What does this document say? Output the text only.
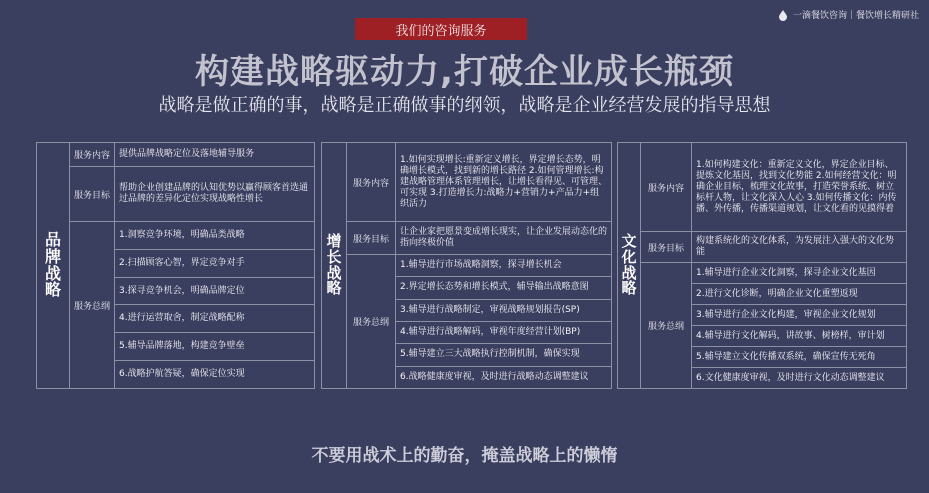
一滴餐饮咨询｜餐饮增长精研社
我们的咨询服务
构建战略驱动力,打破企业成长瓶颈
战略是做正确的事，战略是正确做事的纲领，战略是企业经营发展的指导思想
品牌战略
服务内容	提供品牌战略定位及落地辅导服务
服务目标
帮助企业创建品牌的认知优势以赢得顾客首选通过品牌的差异化定位实现战略性增长
服务总纲
1.洞察竞争环境，明确品类战略
2.扫描顾客心智，界定竞争对手
3.探寻竞争机会，明确品牌定位
4.进行运营取舍，制定战略配称
5.辅导品牌落地，构建竞争壁垒
6.战略护航答疑，确保定位实现
增长战略
服务内容
1.如何实现增长:重新定义增长，界定增长态势，明确增长模式，找到新的增长路径 2.如何管理增长:构建战略管理体系管理增长，让增长看得见、可管理、可实现 3.打造增长力:战略力+营销力+产品力+组织活力
服务目标
让企业家把愿景变成增长现实，让企业发展动态化的指向终极价值
服务总纲
1.辅导进行市场战略洞察，探寻增长机会
2.界定增长态势和增长模式，辅导输出战略意图
3.辅导进行战略制定，审视战略规划报告(SP)
4.辅导进行战略解码，审视年度经营计划(BP)
5.辅导建立三大战略执行控制机制，确保实现
6.战略健康度审视，及时进行战略动态调整建议
文化战略
服务内容
1.如何构建文化：重新定义文化，界定企业目标、提炼文化基因，找到文化势能 2.如何经营文化：明确企业目标，梳理文化故事，打造荣誉系统、树立标杆人物，让文化深入人心 3.如何传播文化：内传播、外传播，传播渠道规划，让文化看的见摸得着
服务目标
构建系统化的文化体系，为发展注入强大的文化势能
服务总纲
1.辅导进行企业文化洞察，探寻企业文化基因
2.进行文化诊断，明确企业文化重塑返现
3.辅导进行企业文化构建，审视企业文化规划
4.辅导进行文化解码，讲故事、树榜样，审计划
5.辅导建立文化传播双系统，确保宣传无死角
6.文化健康度审视，及时进行文化动态调整建议
不要用战术上的勤奋，掩盖战略上的懒惰
